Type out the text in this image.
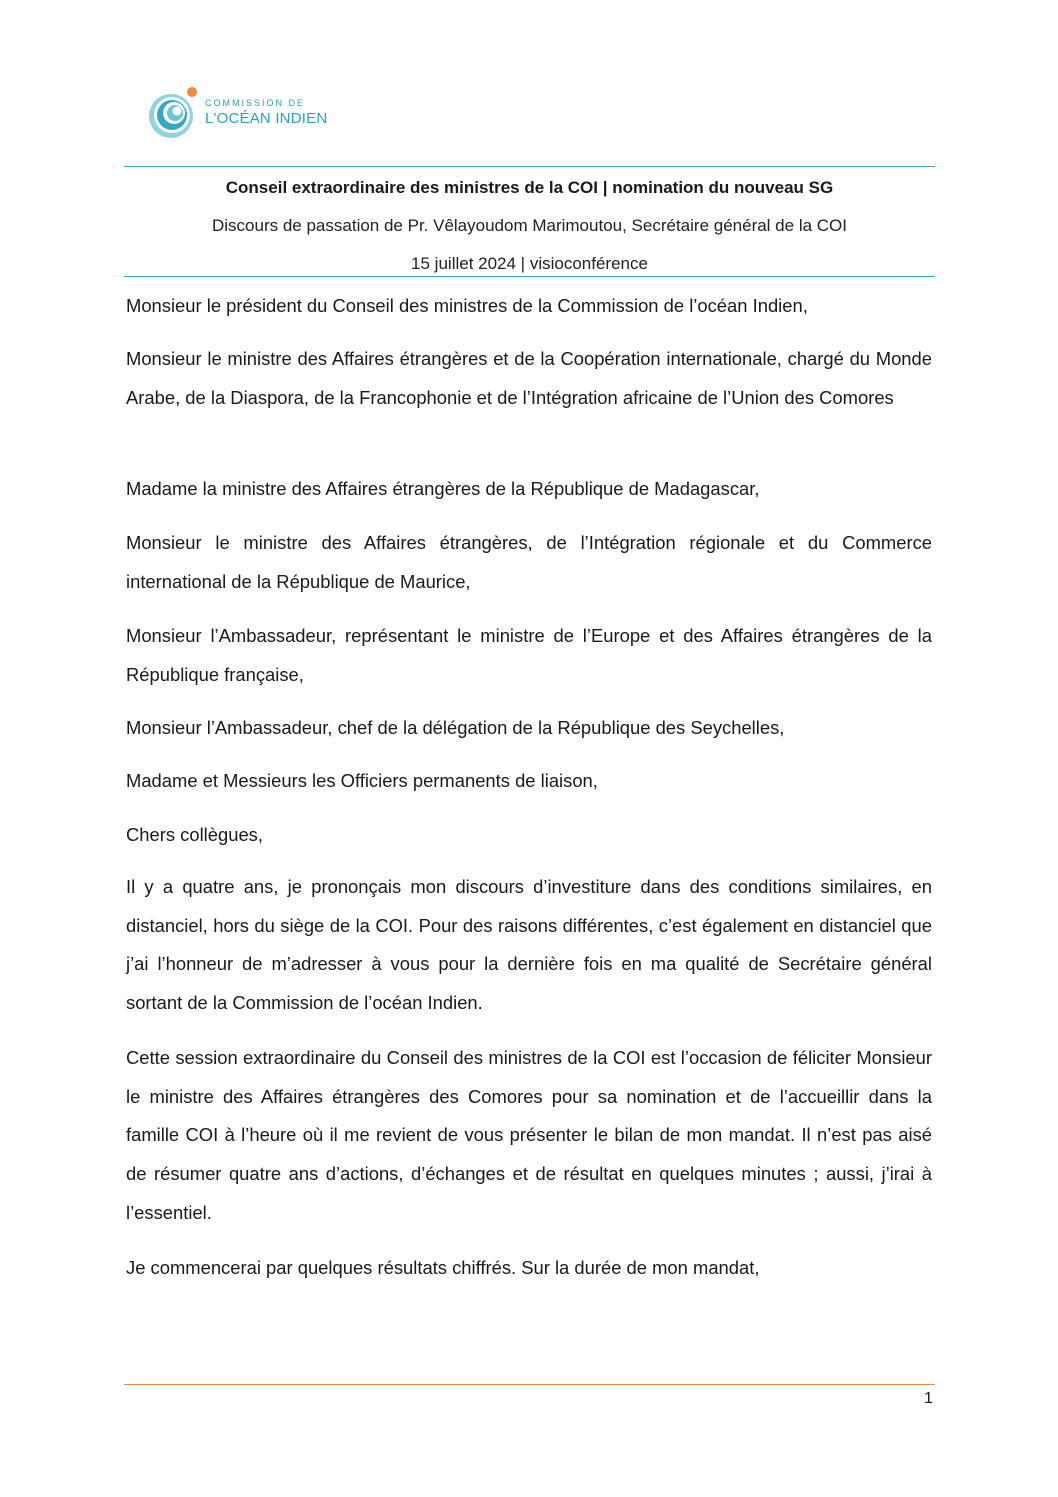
COMMISSION DE
L'OCÉAN INDIEN
Conseil extraordinaire des ministres de la COI | nomination du nouveau SG
Discours de passation de Pr. Vêlayoudom Marimoutou, Secrétaire général de la COI
15 juillet 2024 | visioconférence

Monsieur le président du Conseil des ministres de la Commission de l’océan Indien,

Monsieur le ministre des Affaires étrangères et de la Coopération internationale, chargé du Monde Arabe, de la Diaspora, de la Francophonie et de l’Intégration africaine de l’Union des Comores

Madame la ministre des Affaires étrangères de la République de Madagascar,

Monsieur le ministre des Affaires étrangères, de l’Intégration régionale et du Commerce international de la République de Maurice,

Monsieur l’Ambassadeur, représentant le ministre de l’Europe et des Affaires étrangères de la République française,

Monsieur l’Ambassadeur, chef de la délégation de la République des Seychelles,

Madame et Messieurs les Officiers permanents de liaison,

Chers collègues,

Il y a quatre ans, je prononçais mon discours d’investiture dans des conditions similaires, en distanciel, hors du siège de la COI. Pour des raisons différentes, c’est également en distanciel que j’ai l’honneur de m’adresser à vous pour la dernière fois en ma qualité de Secrétaire général sortant de la Commission de l’océan Indien.

Cette session extraordinaire du Conseil des ministres de la COI est l’occasion de féliciter Monsieur le ministre des Affaires étrangères des Comores pour sa nomination et de l’accueillir dans la famille COI à l’heure où il me revient de vous présenter le bilan de mon mandat. Il n’est pas aisé de résumer quatre ans d’actions, d’échanges et de résultat en quelques minutes ; aussi, j’irai à l’essentiel.

Je commencerai par quelques résultats chiffrés. Sur la durée de mon mandat,

1
